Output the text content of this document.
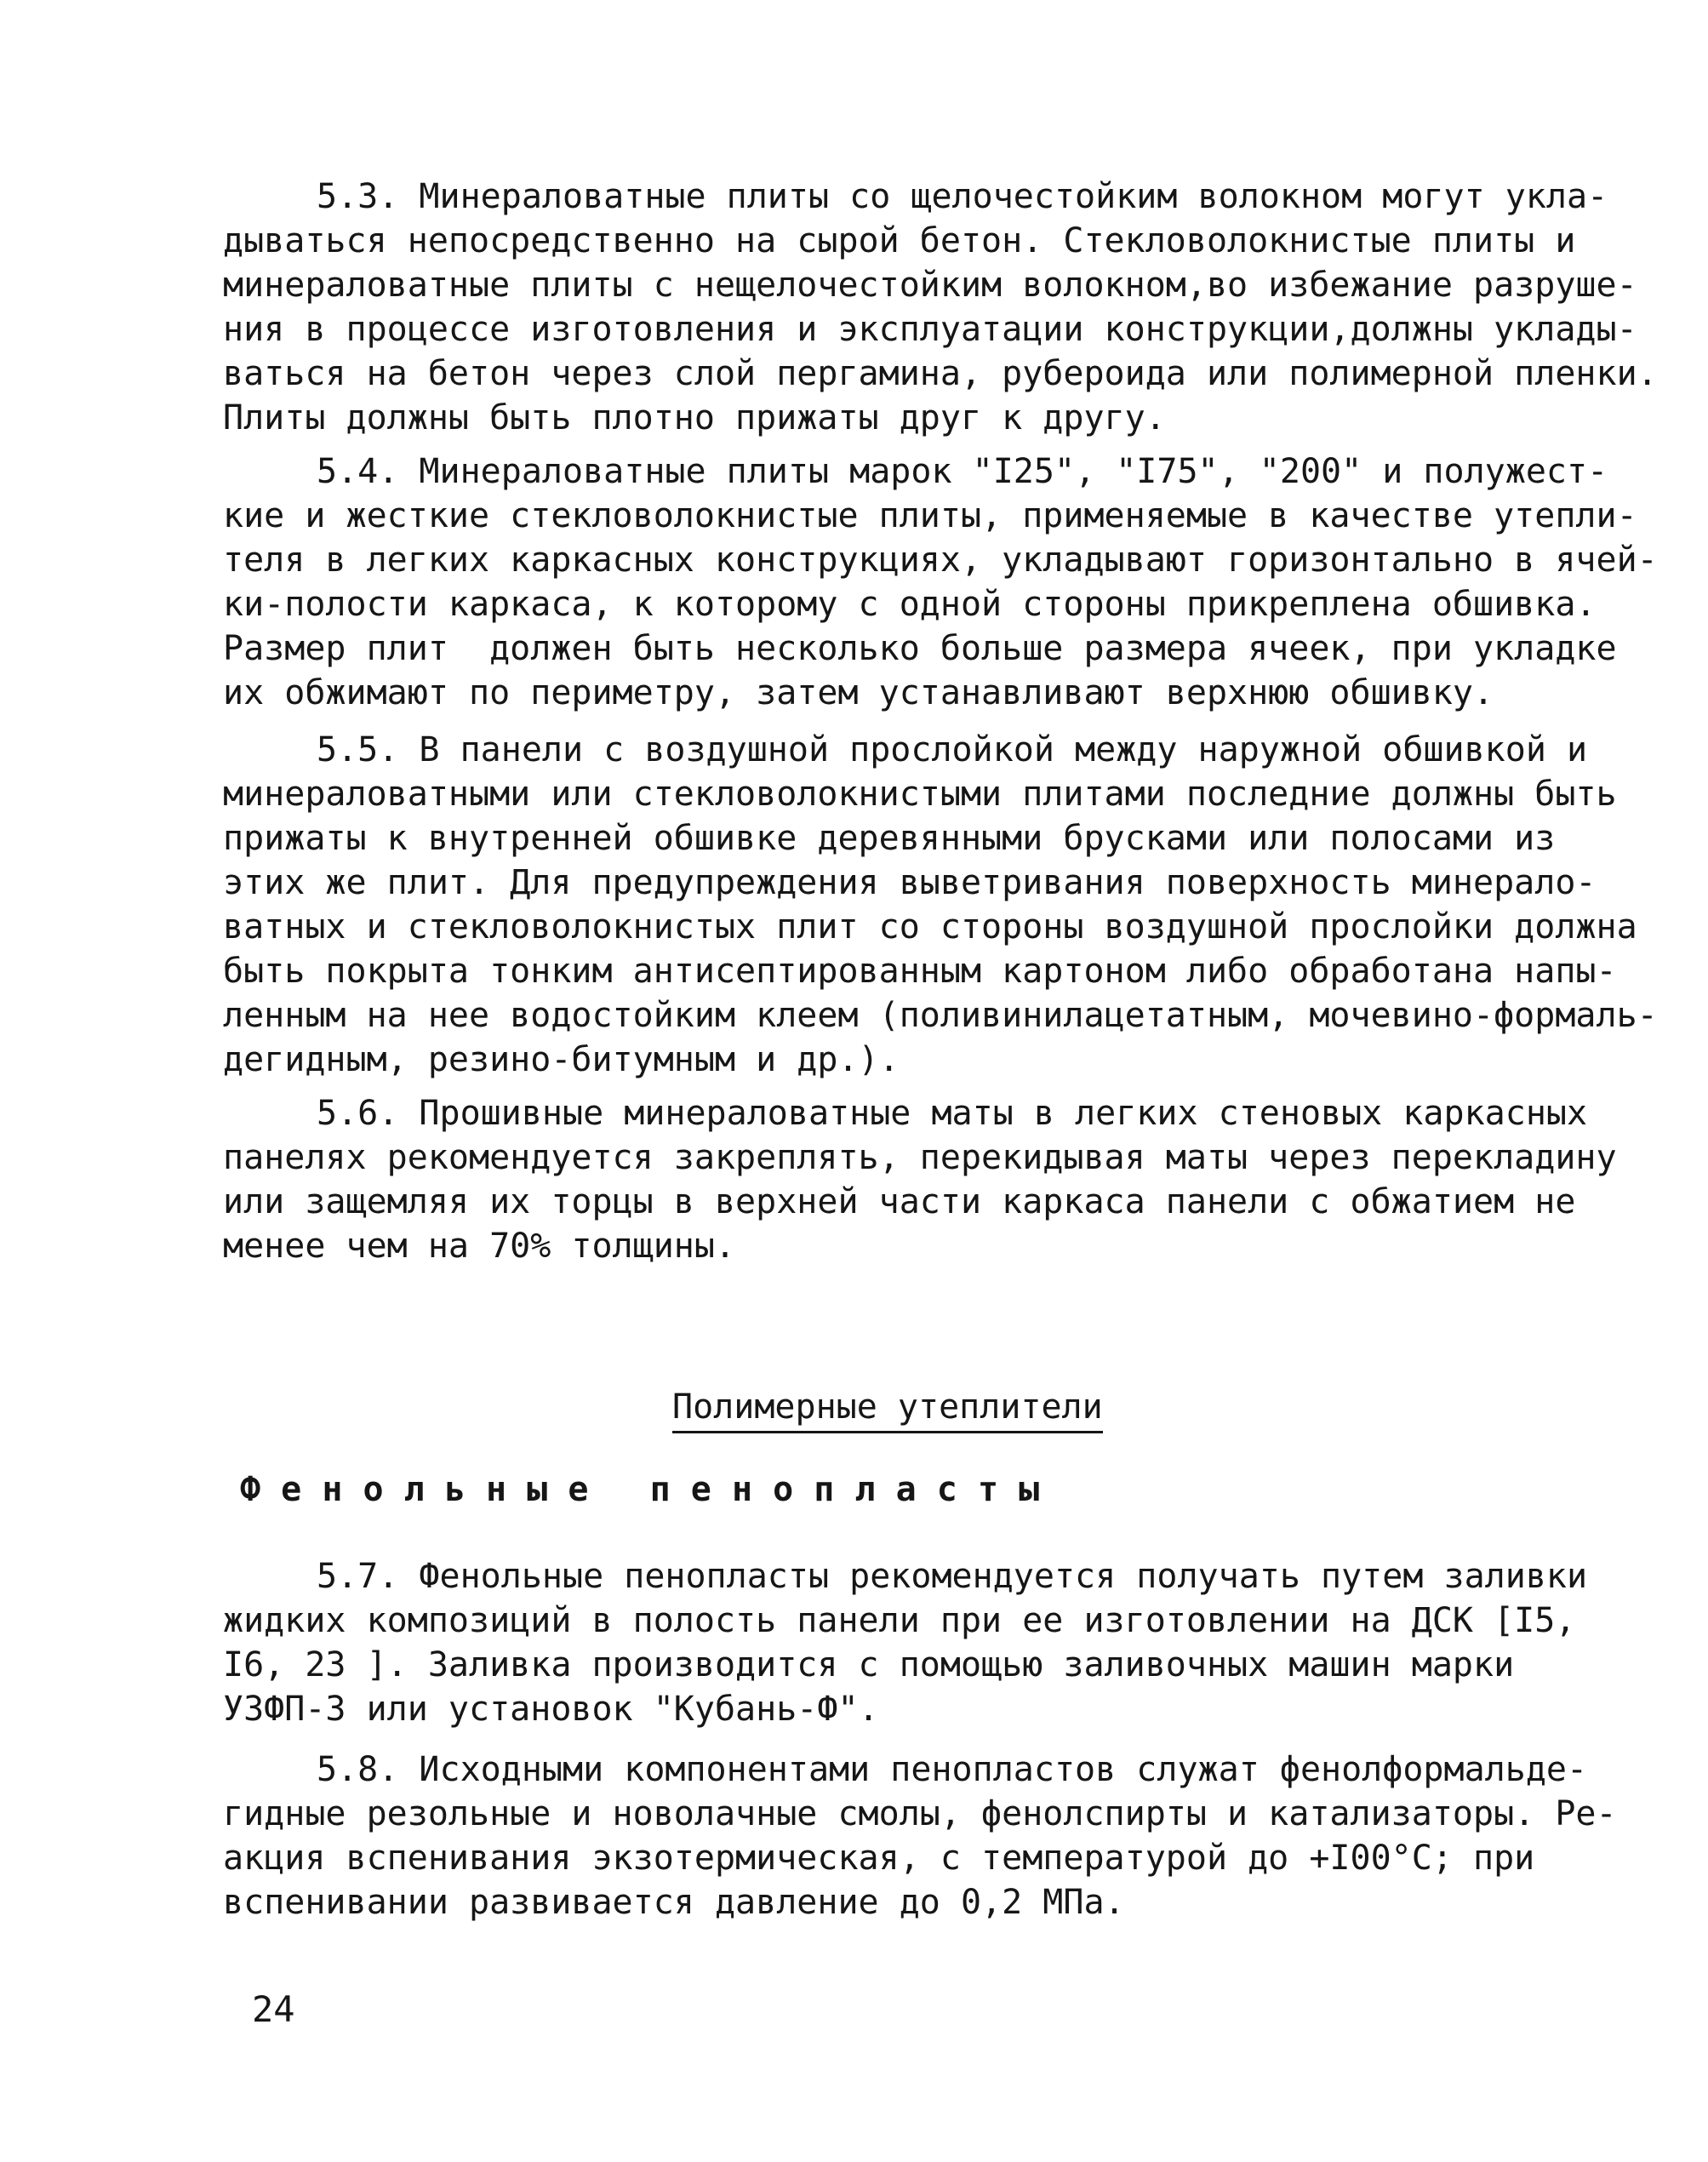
5.3. Минераловатные плиты со щелочестойким волокном могут укла-
дываться непосредственно на сырой бетон. Стекловолокнистые плиты и
минераловатные плиты с нещелочестойким волокном,во избежание разруше-
ния в процессе изготовления и эксплуатации конструкции,должны уклады-
ваться на бетон через слой пергамина, рубероида или полимерной пленки.
Плиты должны быть плотно прижаты друг к другу.
5.4. Минераловатные плиты марок "I25", "I75", "200" и полужест-
кие и жесткие стекловолокнистые плиты, применяемые в качестве утепли-
теля в легких каркасных конструкциях, укладывают горизонтально в ячей-
ки-полости каркаса, к которому с одной стороны прикреплена обшивка.
Размер плит  должен быть несколько больше размера ячеек, при укладке
их обжимают по периметру, затем устанавливают верхнюю обшивку.
5.5. В панели с воздушной прослойкой между наружной обшивкой и
минераловатными или стекловолокнистыми плитами последние должны быть
прижаты к внутренней обшивке деревянными брусками или полосами из
этих же плит. Для предупреждения выветривания поверхность минерало-
ватных и стекловолокнистых плит со стороны воздушной прослойки должна
быть покрыта тонким антисептированным картоном либо обработана напы-
ленным на нее водостойким клеем (поливинилацетатным, мочевино-формаль-
дегидным, резино-битумным и др.).
5.6. Прошивные минераловатные маты в легких стеновых каркасных
панелях рекомендуется закреплять, перекидывая маты через перекладину
или защемляя их торцы в верхней части каркаса панели с обжатием не
менее чем на 70% толщины.
Полимерные утеплители
Ф е н о л ь н ы е   п е н о п л а с т ы
5.7. Фенольные пенопласты рекомендуется получать путем заливки
жидких композиций в полость панели при ее изготовлении на ДСК [I5,
I6, 23 ]. Заливка производится с помощью заливочных машин марки
УЗФП-3 или установок "Кубань-Ф".
5.8. Исходными компонентами пенопластов служат фенолформальде-
гидные резольные и новолачные смолы, фенолспирты и катализаторы. Ре-
акция вспенивания экзотермическая, с температурой до +I00°C; при
вспенивании развивается давление до 0,2 МПа.
24
